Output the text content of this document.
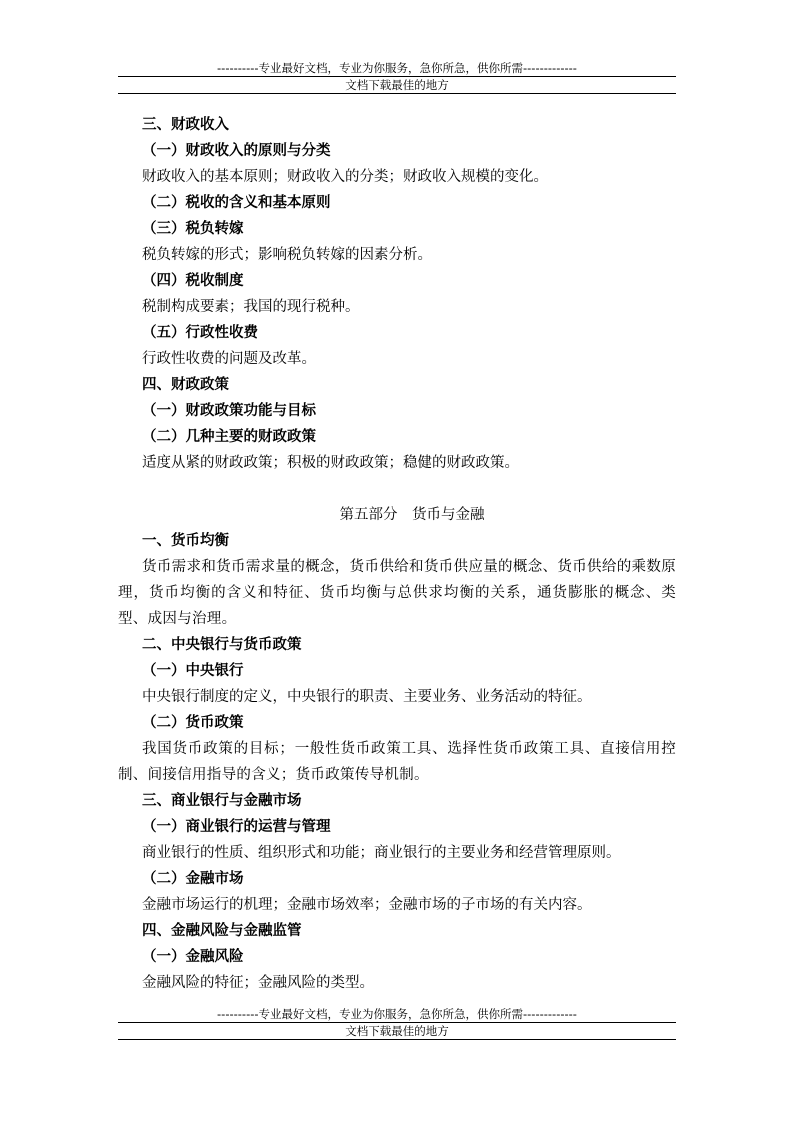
----------专业最好文档，专业为你服务，急你所急，供你所需-------------
文档下载最佳的地方
三、财政收入
（一）财政收入的原则与分类
财政收入的基本原则；财政收入的分类；财政收入规模的变化。
（二）税收的含义和基本原则
（三）税负转嫁
税负转嫁的形式；影响税负转嫁的因素分析。
（四）税收制度
税制构成要素；我国的现行税种。
（五）行政性收费
行政性收费的问题及改革。
四、财政政策
（一）财政政策功能与目标
（二）几种主要的财政政策
适度从紧的财政政策；积极的财政政策；稳健的财政政策。
第五部分　货币与金融
一、货币均衡
货币需求和货币需求量的概念，货币供给和货币供应量的概念、货币供给的乘数原理，货币均衡的含义和特征、货币均衡与总供求均衡的关系，通货膨胀的概念、类型、成因与治理。
二、中央银行与货币政策
（一）中央银行
中央银行制度的定义，中央银行的职责、主要业务、业务活动的特征。
（二）货币政策
我国货币政策的目标；一般性货币政策工具、选择性货币政策工具、直接信用控制、间接信用指导的含义；货币政策传导机制。
三、商业银行与金融市场
（一）商业银行的运营与管理
商业银行的性质、组织形式和功能；商业银行的主要业务和经营管理原则。
（二）金融市场
金融市场运行的机理；金融市场效率；金融市场的子市场的有关内容。
四、金融风险与金融监管
（一）金融风险
金融风险的特征；金融风险的类型。
----------专业最好文档，专业为你服务，急你所急，供你所需-------------
文档下载最佳的地方
